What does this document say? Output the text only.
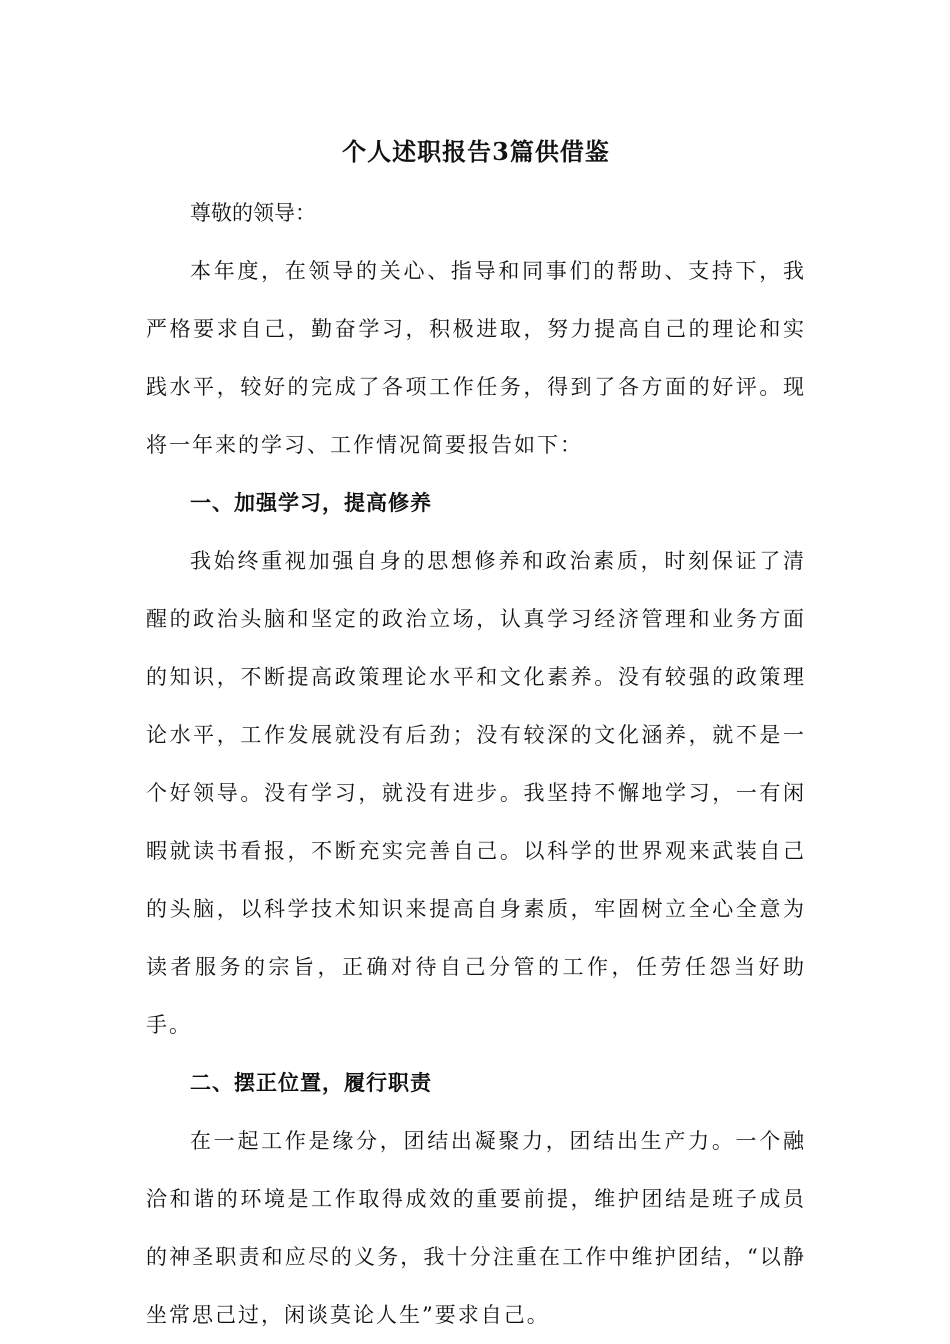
个人述职报告3篇供借鉴

尊敬的领导：

本年度，在领导的关心、指导和同事们的帮助、支持下，我严格要求自己，勤奋学习，积极进取，努力提高自己的理论和实践水平，较好的完成了各项工作任务，得到了各方面的好评。现将一年来的学习、工作情况简要报告如下：

一、加强学习，提高修养

我始终重视加强自身的思想修养和政治素质，时刻保证了清醒的政治头脑和坚定的政治立场，认真学习经济管理和业务方面的知识，不断提高政策理论水平和文化素养。没有较强的政策理论水平，工作发展就没有后劲；没有较深的文化涵养，就不是一个好领导。没有学习，就没有进步。我坚持不懈地学习，一有闲暇就读书看报，不断充实完善自己。以科学的世界观来武装自己的头脑，以科学技术知识来提高自身素质，牢固树立全心全意为读者服务的宗旨，正确对待自己分管的工作，任劳任怨当好助手。

二、摆正位置，履行职责

在一起工作是缘分，团结出凝聚力，团结出生产力。一个融洽和谐的环境是工作取得成效的重要前提，维护团结是班子成员的神圣职责和应尽的义务，我十分注重在工作中维护团结，“以静坐常思己过，闲谈莫论人生”要求自己。
